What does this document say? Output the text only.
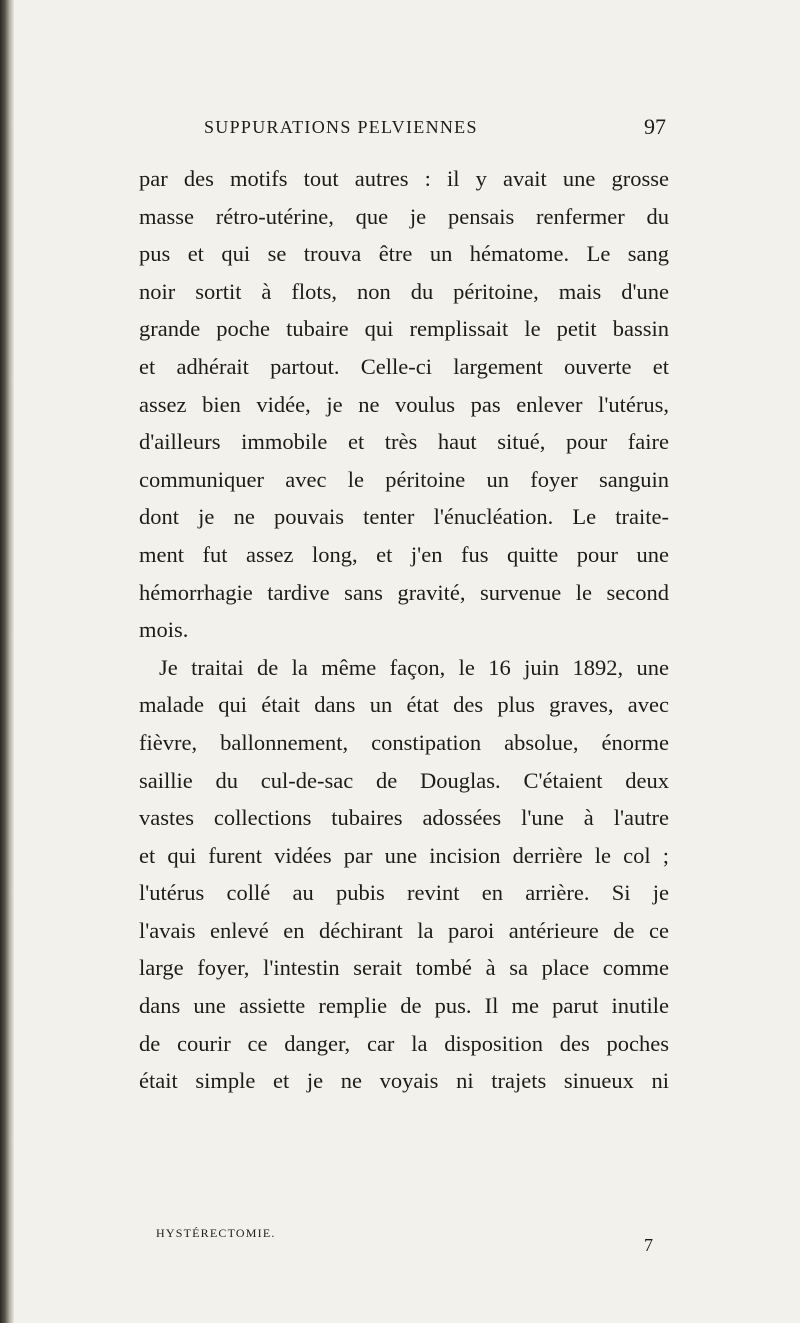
SUPPURATIONS PELVIENNES	97
par des motifs tout autres : il y avait une grosse
masse rétro-utérine, que je pensais renfermer du
pus et qui se trouva être un hématome. Le sang
noir sortit à flots, non du péritoine, mais d'une
grande poche tubaire qui remplissait le petit bassin
et adhérait partout. Celle-ci largement ouverte et
assez bien vidée, je ne voulus pas enlever l'utérus,
d'ailleurs immobile et très haut situé, pour faire
communiquer avec le péritoine un foyer sanguin
dont je ne pouvais tenter l'énucléation. Le traite-
ment fut assez long, et j'en fus quitte pour une
hémorrhagie tardive sans gravité, survenue le second
mois.
Je traitai de la même façon, le 16 juin 1892, une
malade qui était dans un état des plus graves, avec
fièvre, ballonnement, constipation absolue, énorme
saillie du cul-de-sac de Douglas. C'étaient deux
vastes collections tubaires adossées l'une à l'autre
et qui furent vidées par une incision derrière le col ;
l'utérus collé au pubis revint en arrière. Si je
l'avais enlevé en déchirant la paroi antérieure de ce
large foyer, l'intestin serait tombé à sa place comme
dans une assiette remplie de pus. Il me parut inutile
de courir ce danger, car la disposition des poches
était simple et je ne voyais ni trajets sinueux ni
HYSTÉRECTOMIE.
7
